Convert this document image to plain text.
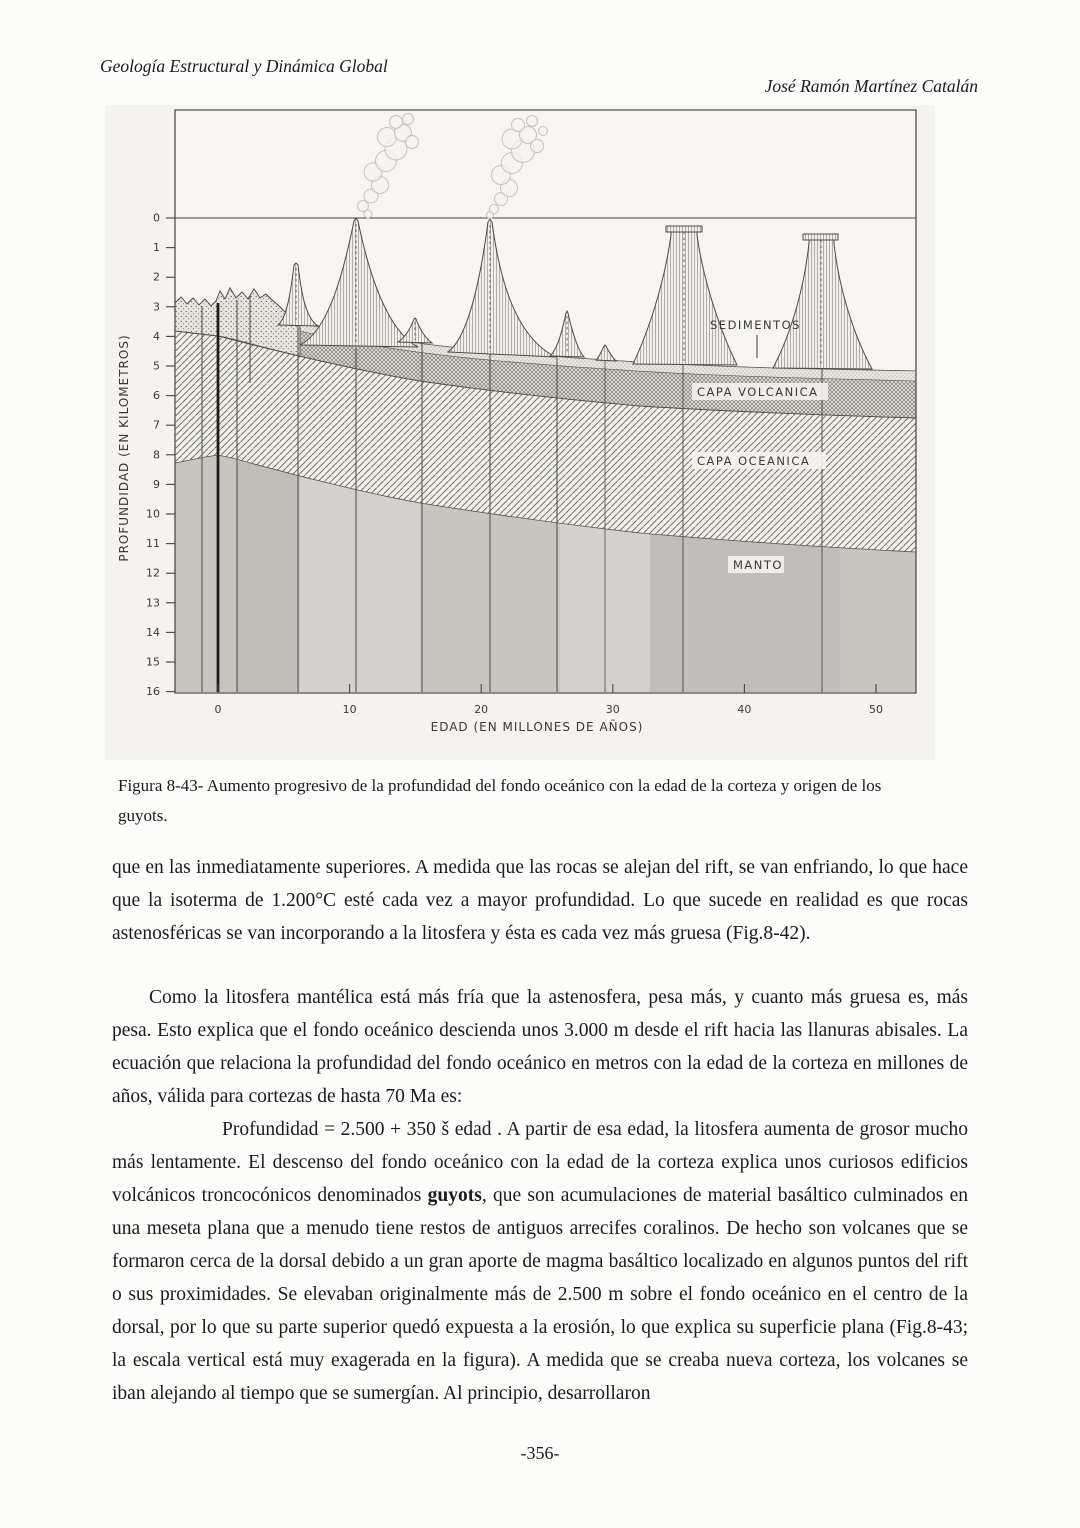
Geología Estructural y Dinámica Global
José Ramón Martínez Catalán
SEDIMENTOS
CAPA VOLCANICA
CAPA OCEANICA
MANTO
0
1
2
3
4
5
6
7
8
9
10
11
12
13
14
15
16
0	10	20	30	40	50
PROFUNDIDAD (EN KILOMETROS)
EDAD (EN MILLONES DE AÑOS)
Figura 8-43- Aumento progresivo de la profundidad del fondo oceánico con la edad de la corteza y origen de los guyots.

que en las inmediatamente superiores. A medida que las rocas se alejan del rift, se van enfriando, lo que hace que la isoterma de 1.200°C esté cada vez a mayor profundidad. Lo que sucede en realidad es que rocas astenosféricas se van incorporando a la litosfera y ésta es cada vez más gruesa (Fig.8-42).

Como la litosfera mantélica está más fría que la astenosfera, pesa más, y cuanto más gruesa es, más pesa. Esto explica que el fondo oceánico descienda unos 3.000 m desde el rift hacia las llanuras abisales. La ecuación que relaciona la profundidad del fondo oceánico en metros con la edad de la corteza en millones de años, válida para cortezas de hasta 70 Ma es:

Profundidad = 2.500 + 350 š edad . A partir de esa edad, la litosfera aumenta de grosor mucho más lentamente. El descenso del fondo oceánico con la edad de la corteza explica unos curiosos edificios volcánicos troncocónicos denominados guyots, que son acumulaciones de material basáltico culminados en una meseta plana que a menudo tiene restos de antiguos arrecifes coralinos. De hecho son volcanes que se formaron cerca de la dorsal debido a un gran aporte de magma basáltico localizado en algunos puntos del rift o sus proximidades. Se elevaban originalmente más de 2.500 m sobre el fondo oceánico en el centro de la dorsal, por lo que su parte superior quedó expuesta a la erosión, lo que explica su superficie plana (Fig.8-43; la escala vertical está muy exagerada en la figura). A medida que se creaba nueva corteza, los volcanes se iban alejando al tiempo que se sumergían. Al principio, desarrollaron

-356-
